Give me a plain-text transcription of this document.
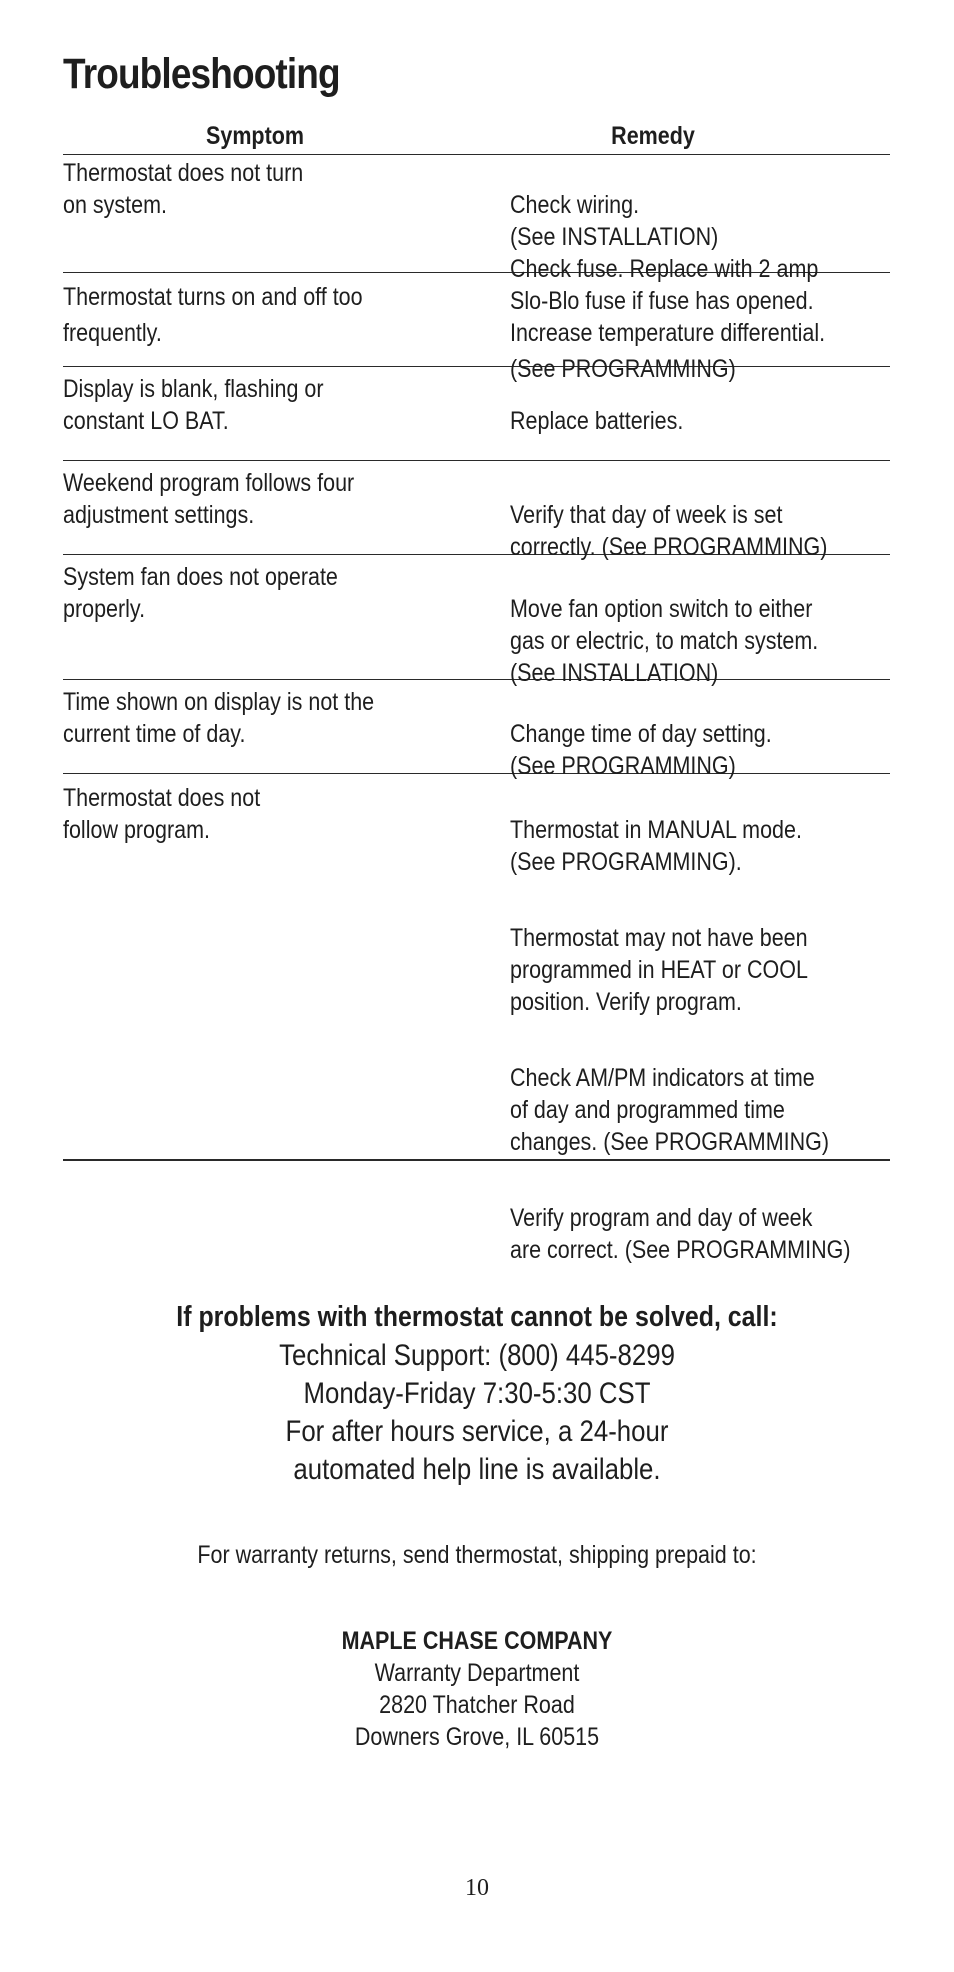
Troubleshooting
Symptom	Remedy
Thermostat does not turn
on system.	Check wiring.
(See INSTALLATION)
Check fuse. Replace with 2 amp
Slo-Blo fuse if fuse has opened.

Thermostat turns on and off too
frequently.	Increase temperature differential.
(See PROGRAMMING)

Display is blank, flashing or
constant LO BAT.	Replace batteries.

Weekend program follows four
adjustment settings.	Verify that day of week is set
correctly. (See PROGRAMMING)

System fan does not operate
properly.	Move fan option switch to either
gas or electric, to match system.
(See INSTALLATION)

Time shown on display is not the
current time of day.	Change time of day setting.
(See PROGRAMMING)

Thermostat does not
follow program.	Thermostat in MANUAL mode.
(See PROGRAMMING).

Thermostat may not have been
programmed in HEAT or COOL
position. Verify program.

Check AM/PM indicators at time
of day and programmed time
changes. (See PROGRAMMING)

Verify program and day of week
are correct. (See PROGRAMMING)

If problems with thermostat cannot be solved, call:
Technical Support: (800) 445-8299
Monday-Friday 7:30-5:30 CST
For after hours service, a 24-hour
automated help line is available.
For warranty returns, send thermostat, shipping prepaid to:
MAPLE CHASE COMPANY
Warranty Department
2820 Thatcher Road
Downers Grove, IL 60515
10
